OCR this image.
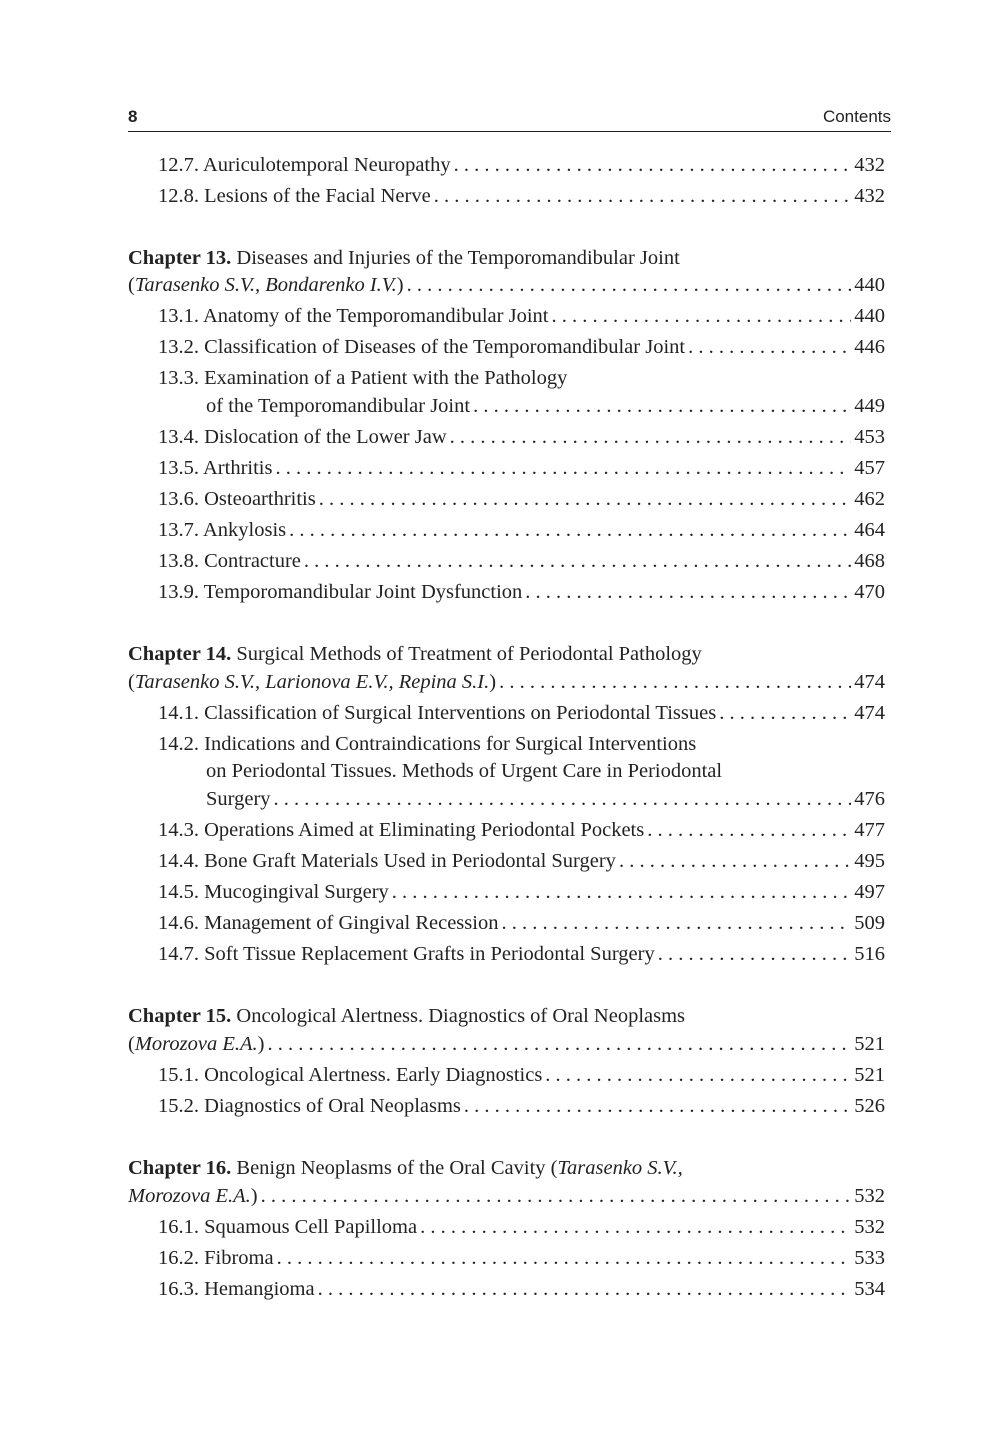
8	Contents
12.7. Auriculotemporal Neuropathy . . .	432
12.8. Lesions of the Facial Nerve . . .	432
Chapter 13. Diseases and Injuries of the Temporomandibular Joint
(Tarasenko S.V., Bondarenko I.V.) . . .	440
13.1. Anatomy of the Temporomandibular Joint . . .	440
13.2. Classification of Diseases of the Temporomandibular Joint . . .	446
13.3. Examination of a Patient with the Pathology
of the Temporomandibular Joint . . .	449
13.4. Dislocation of the Lower Jaw . . .	453
13.5. Arthritis . . .	457
13.6. Osteoarthritis . . .	462
13.7. Ankylosis . . .	464
13.8. Contracture . . .	468
13.9. Temporomandibular Joint Dysfunction . . .	470
Chapter 14. Surgical Methods of Treatment of Periodontal Pathology
(Tarasenko S.V., Larionova E.V., Repina S.I.) . . .	474
14.1. Classification of Surgical Interventions on Periodontal Tissues . . .	474
14.2. Indications and Contraindications for Surgical Interventions
on Periodontal Tissues. Methods of Urgent Care in Periodontal
Surgery . . .	476
14.3. Operations Aimed at Eliminating Periodontal Pockets . . .	477
14.4. Bone Graft Materials Used in Periodontal Surgery . . .	495
14.5. Mucogingival Surgery . . .	497
14.6. Management of Gingival Recession . . .	509
14.7. Soft Tissue Replacement Grafts in Periodontal Surgery . . .	516
Chapter 15. Oncological Alertness. Diagnostics of Oral Neoplasms
(Morozova E.A.) . . .	521
15.1. Oncological Alertness. Early Diagnostics . . .	521
15.2. Diagnostics of Oral Neoplasms . . .	526
Chapter 16. Benign Neoplasms of the Oral Cavity (Tarasenko S.V.,
Morozova E.A.) . . .	532
16.1. Squamous Cell Papilloma . . .	532
16.2. Fibroma . . .	533
16.3. Hemangioma . . .	534
